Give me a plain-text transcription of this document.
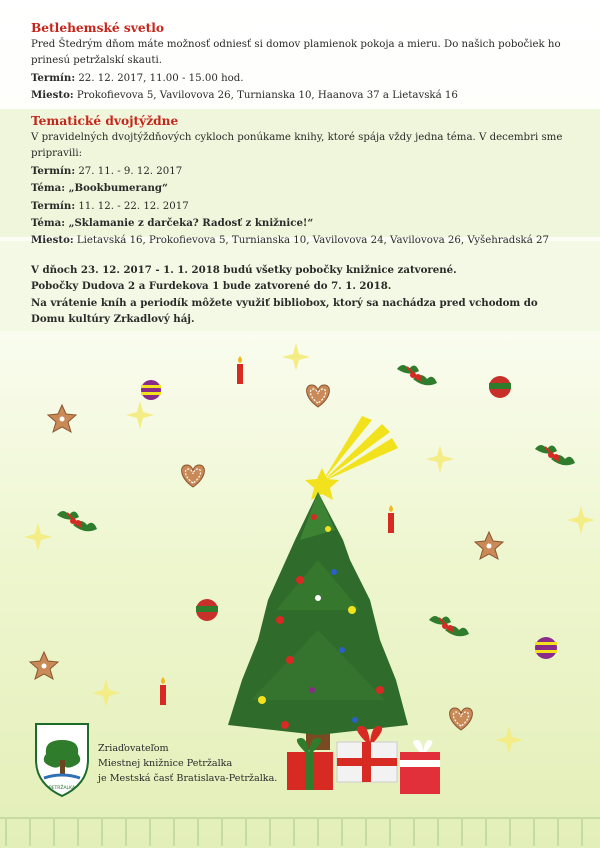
Betlehemské svetlo

Pred Štedrým dňom máte možnosť odniesť si domov plamienok pokoja a mieru. Do našich pobočiek ho prinesú petržalskí skauti.

Termín: 22. 12. 2017, 11.00 - 15.00 hod.

Miesto: Prokofievova 5, Vavilovova 26, Turnianska 10, Haanova 37 a Lietavská 16

Tematické dvojtýždne

V pravidelných dvojtýždňových cykloch ponúkame knihy, ktoré spája vždy jedna téma. V decembri sme pripravili:

Termín: 27. 11. - 9. 12. 2017

Téma: „Bookbumerang“

Termín: 11. 12. - 22. 12. 2017

Téma: „Sklamanie z darčeka? Radosť z knižnice!“

Miesto: Lietavská 16, Prokofievova 5, Turnianska 10, Vavilovova 24, Vavilovova 26, Vyšehradská 27

V dňoch 23. 12. 2017 - 1. 1. 2018 budú všetky pobočky knižnice zatvorené.

Pobočky Dudova 2 a Furdekova 1 bude zatvorené do 7. 1. 2018.

Na vrátenie kníh a periodík môžete využiť bibliobox, ktorý sa nachádza pred vchodom do Domu kultúry Zrkadlový háj.

PETRŽALKA

Zriaďovateľom

Miestnej knižnice Petržalka

je Mestská časť Bratislava-Petržalka.
